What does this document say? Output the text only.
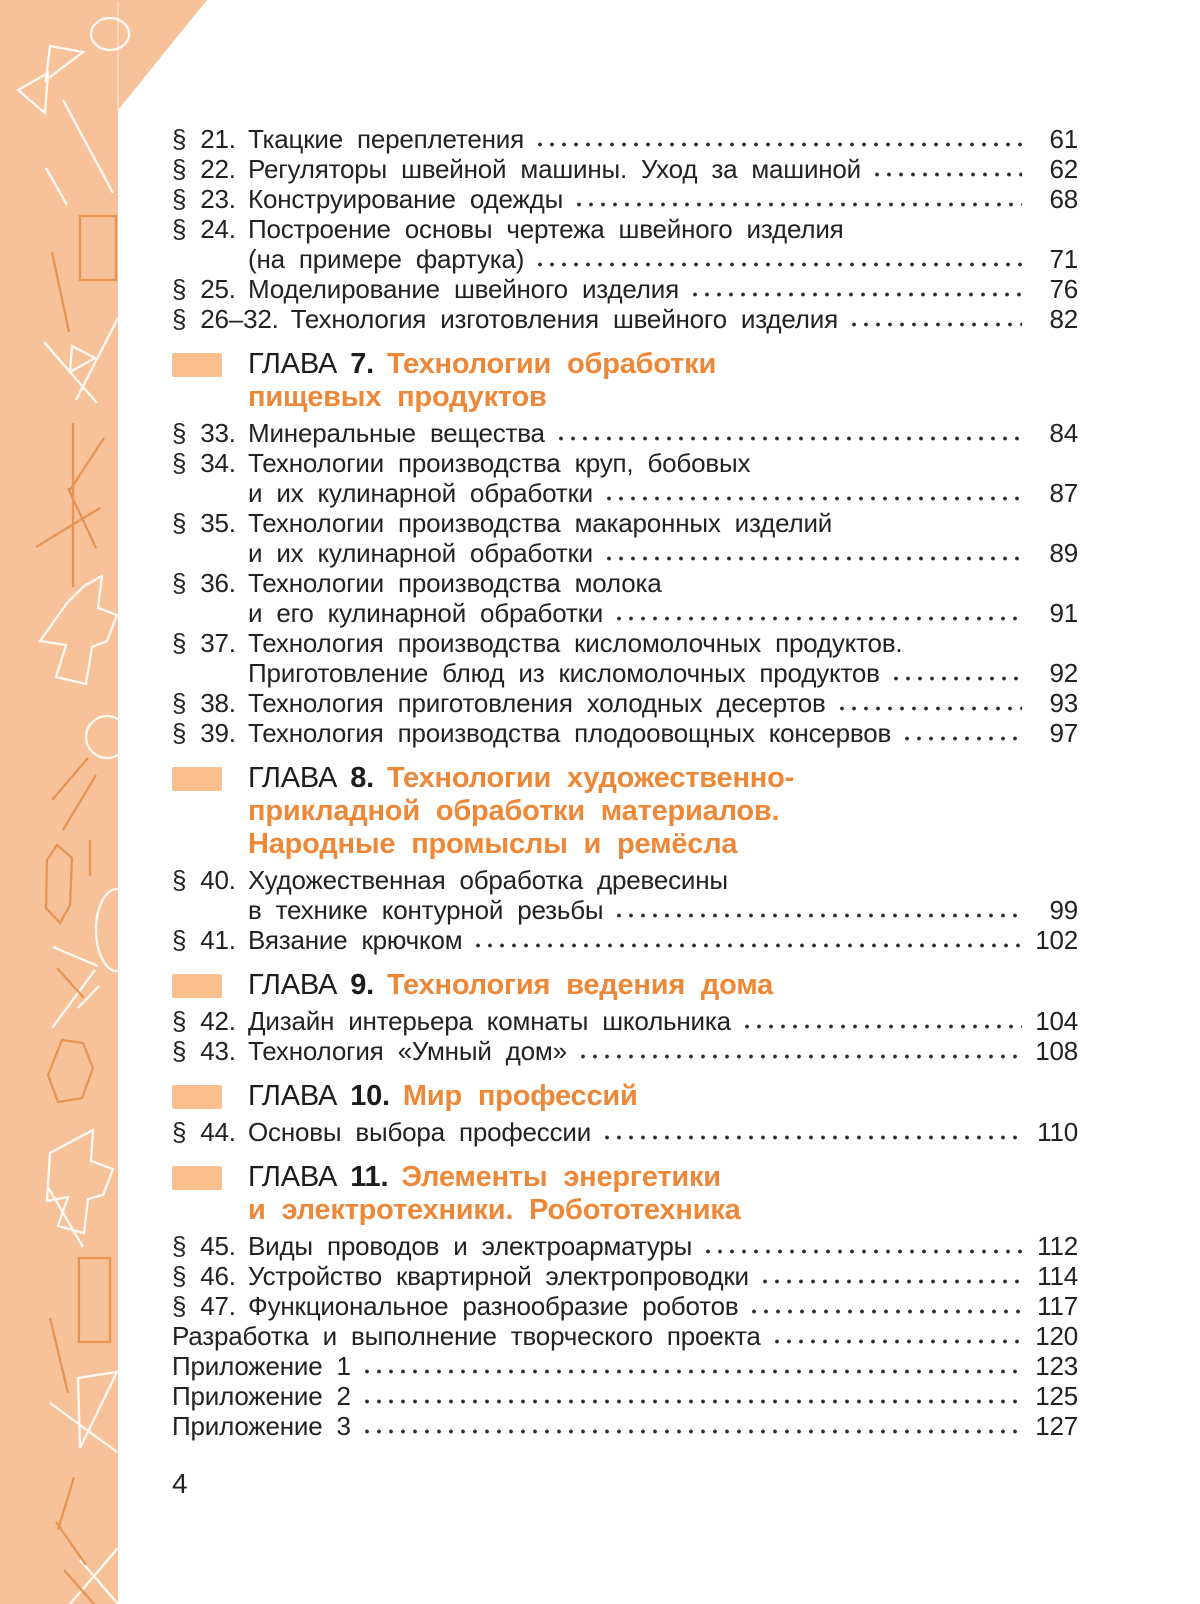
§ 21. Ткацкие переплетения	61
§ 22. Регуляторы швейной машины. Уход за машиной	62
§ 23. Конструирование одежды	68
§ 24. Построение основы чертежа швейного изделия
(на примере фартука)	71
§ 25. Моделирование швейного изделия	76
§ 26–32. Технология изготовления швейного изделия	82
ГЛАВА 7. Технологии обработки
пищевых продуктов
§ 33. Минеральные вещества	84
§ 34. Технологии производства круп, бобовых
и их кулинарной обработки	87
§ 35. Технологии производства макаронных изделий
и их кулинарной обработки	89
§ 36. Технологии производства молока
и его кулинарной обработки	91
§ 37. Технология производства кисломолочных продуктов.
Приготовление блюд из кисломолочных продуктов	92
§ 38. Технология приготовления холодных десертов	93
§ 39. Технология производства плодоовощных консервов	97
ГЛАВА 8. Технологии художественно-
прикладной обработки материалов.
Народные промыслы и ремёсла
§ 40. Художественная обработка древесины
в технике контурной резьбы	99
§ 41. Вязание крючком	102
ГЛАВА 9. Технология ведения дома
§ 42. Дизайн интерьера комнаты школьника	104
§ 43. Технология «Умный дом»	108
ГЛАВА 10. Мир профессий
§ 44. Основы выбора профессии	110
ГЛАВА 11. Элементы энергетики
и электротехники. Робототехника
§ 45. Виды проводов и электроарматуры	112
§ 46. Устройство квартирной электропроводки	114
§ 47. Функциональное разнообразие роботов	117
Разработка и выполнение творческого проекта	120
Приложение 1	123
Приложение 2	125
Приложение 3	127
4
